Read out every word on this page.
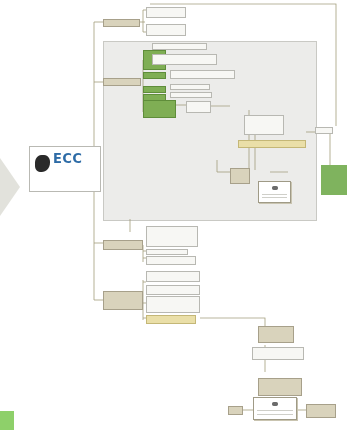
ECC
